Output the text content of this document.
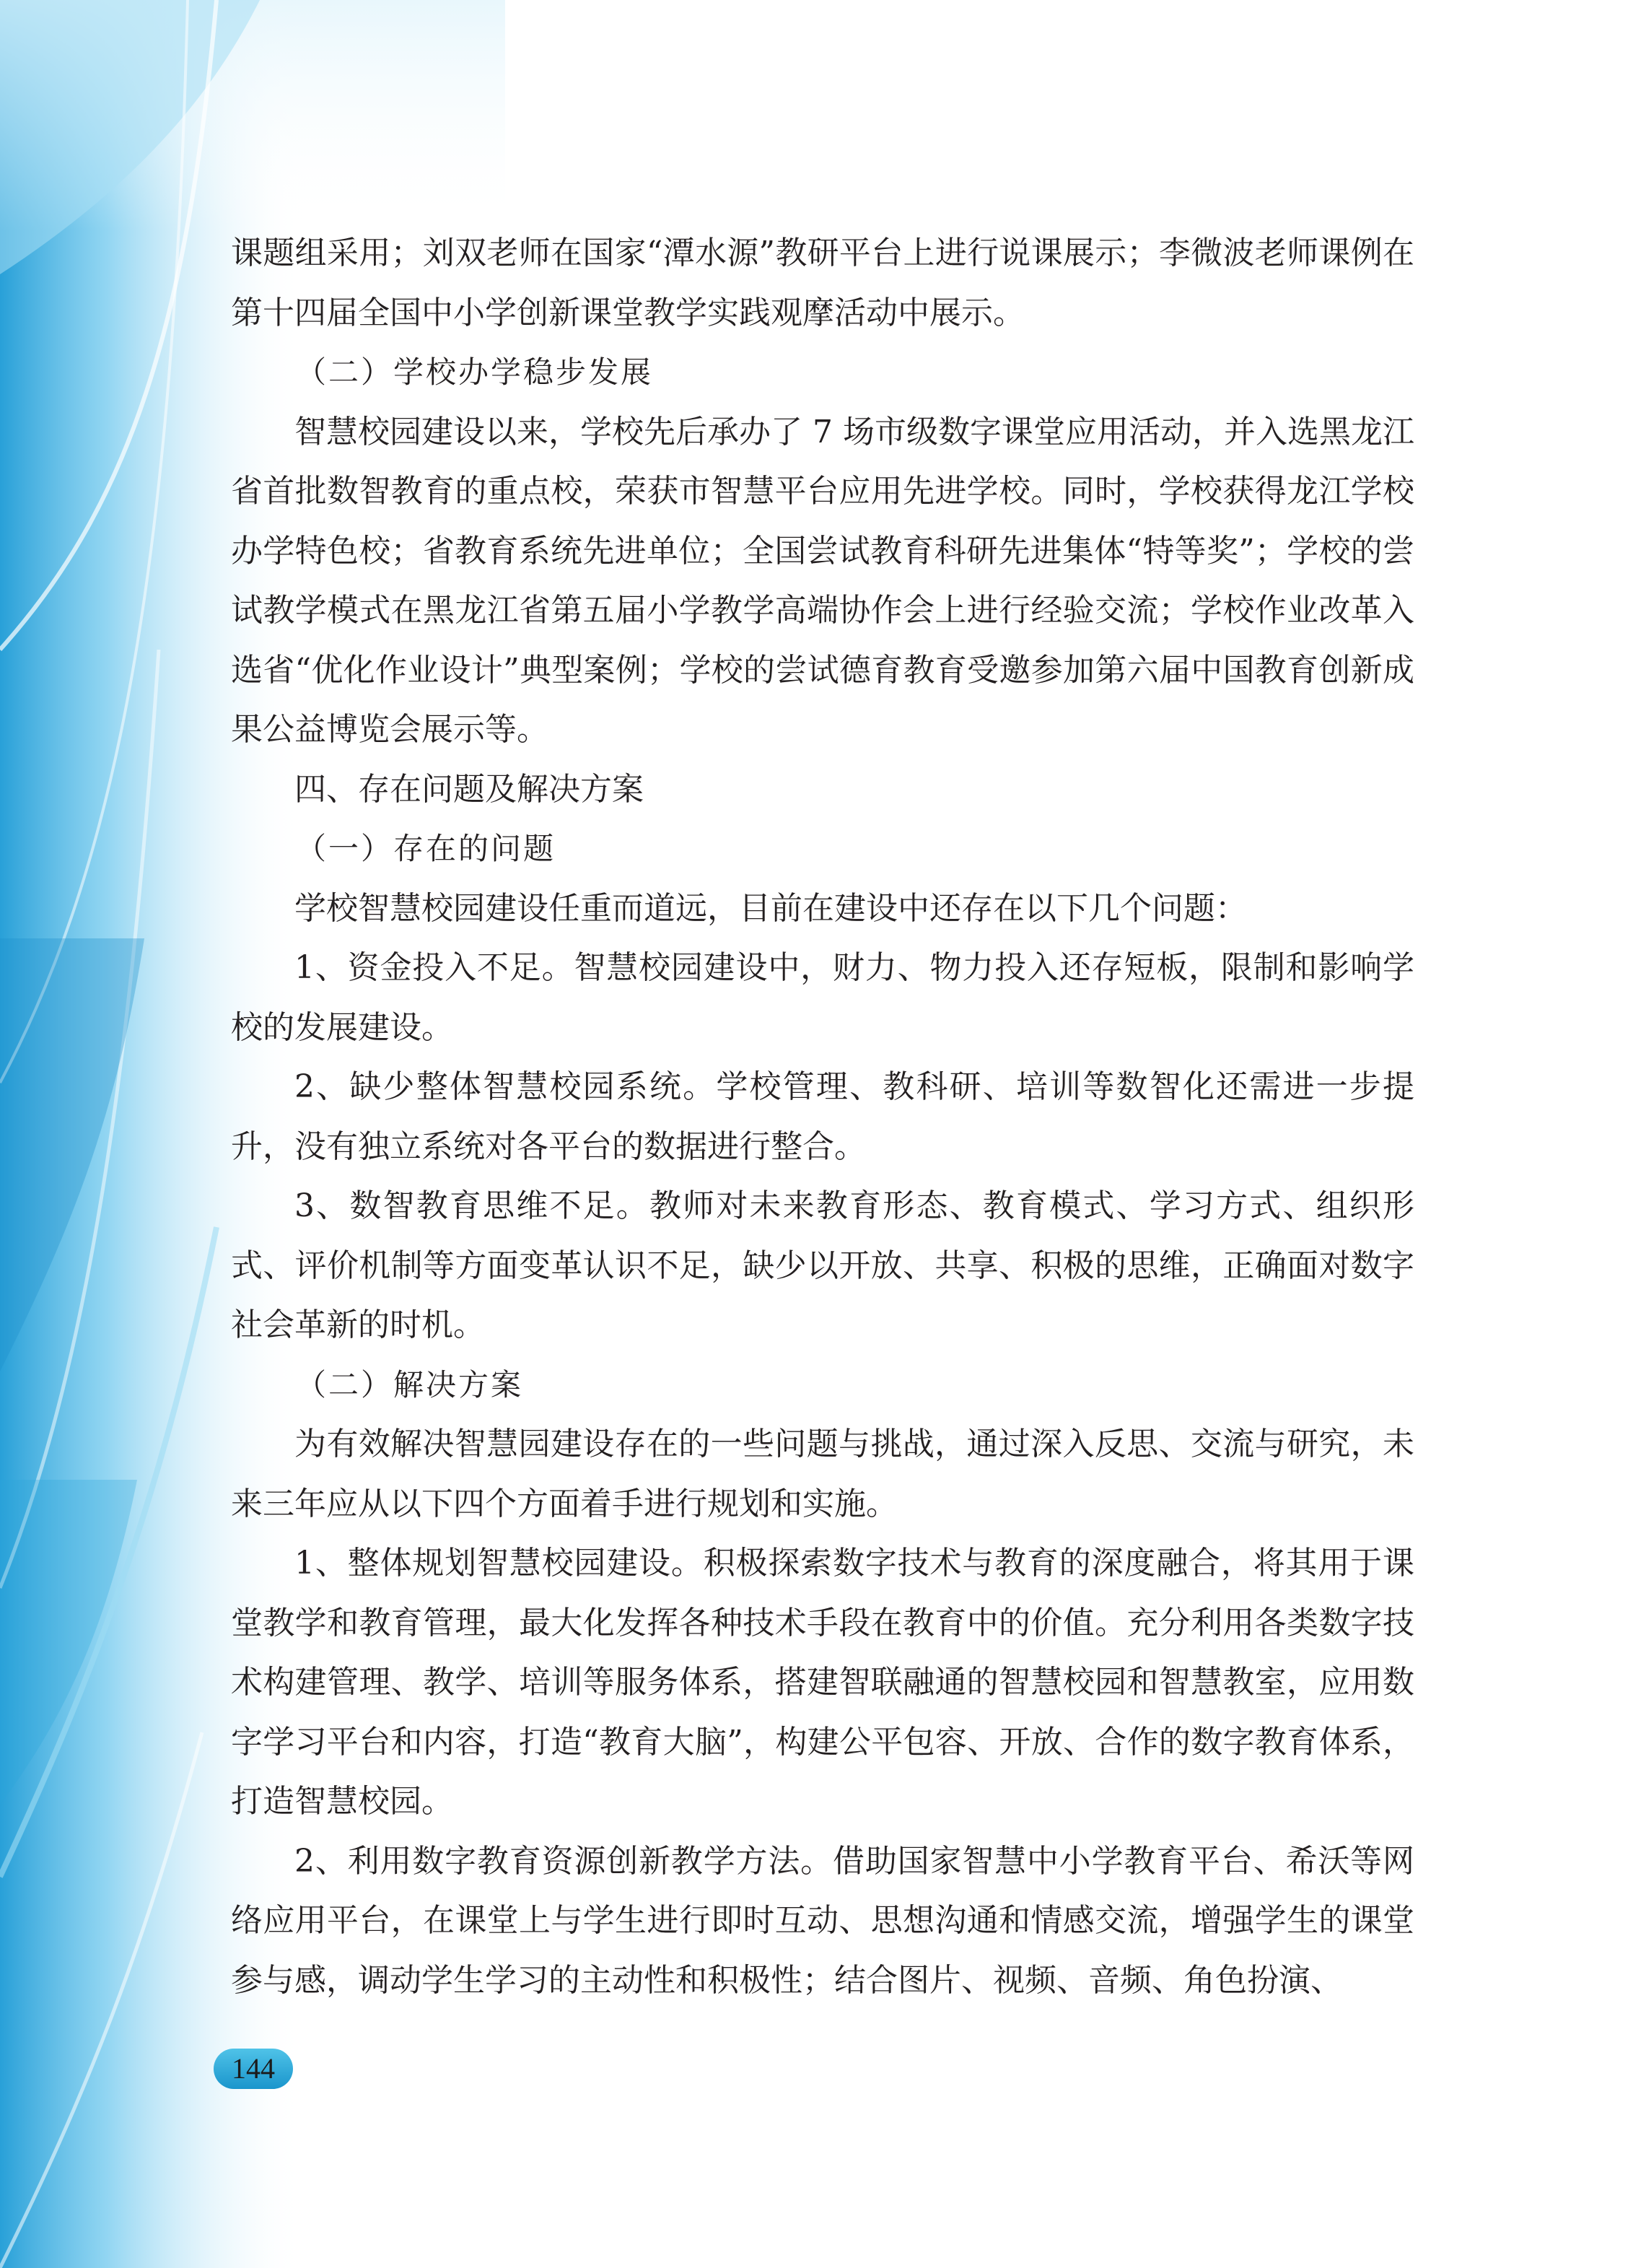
课题组采用；刘双老师在国家“潭水源”教研平台上进行说课展示；李微波老师课例在第十四届全国中小学创新课堂教学实践观摩活动中展示。

（二）学校办学稳步发展

智慧校园建设以来，学校先后承办了 7 场市级数字课堂应用活动，并入选黑龙江省首批数智教育的重点校，荣获市智慧平台应用先进学校。同时，学校获得龙江学校办学特色校；省教育系统先进单位；全国尝试教育科研先进集体“特等奖”；学校的尝试教学模式在黑龙江省第五届小学教学高端协作会上进行经验交流；学校作业改革入选省“优化作业设计”典型案例；学校的尝试德育教育受邀参加第六届中国教育创新成果公益博览会展示等。

四、存在问题及解决方案

（一）存在的问题

学校智慧校园建设任重而道远，目前在建设中还存在以下几个问题：

1、资金投入不足。智慧校园建设中，财力、物力投入还存短板，限制和影响学校的发展建设。

2、缺少整体智慧校园系统。学校管理、教科研、培训等数智化还需进一步提升，没有独立系统对各平台的数据进行整合。

3、数智教育思维不足。教师对未来教育形态、教育模式、学习方式、组织形式、评价机制等方面变革认识不足，缺少以开放、共享、积极的思维，正确面对数字社会革新的时机。

（二）解决方案

为有效解决智慧园建设存在的一些问题与挑战，通过深入反思、交流与研究，未来三年应从以下四个方面着手进行规划和实施。

1、整体规划智慧校园建设。积极探索数字技术与教育的深度融合，将其用于课堂教学和教育管理，最大化发挥各种技术手段在教育中的价值。充分利用各类数字技术构建管理、教学、培训等服务体系，搭建智联融通的智慧校园和智慧教室，应用数字学习平台和内容，打造“教育大脑”，构建公平包容、开放、合作的数字教育体系，打造智慧校园。

2、利用数字教育资源创新教学方法。借助国家智慧中小学教育平台、希沃等网络应用平台，在课堂上与学生进行即时互动、思想沟通和情感交流，增强学生的课堂参与感，调动学生学习的主动性和积极性；结合图片、视频、音频、角色扮演、

144
